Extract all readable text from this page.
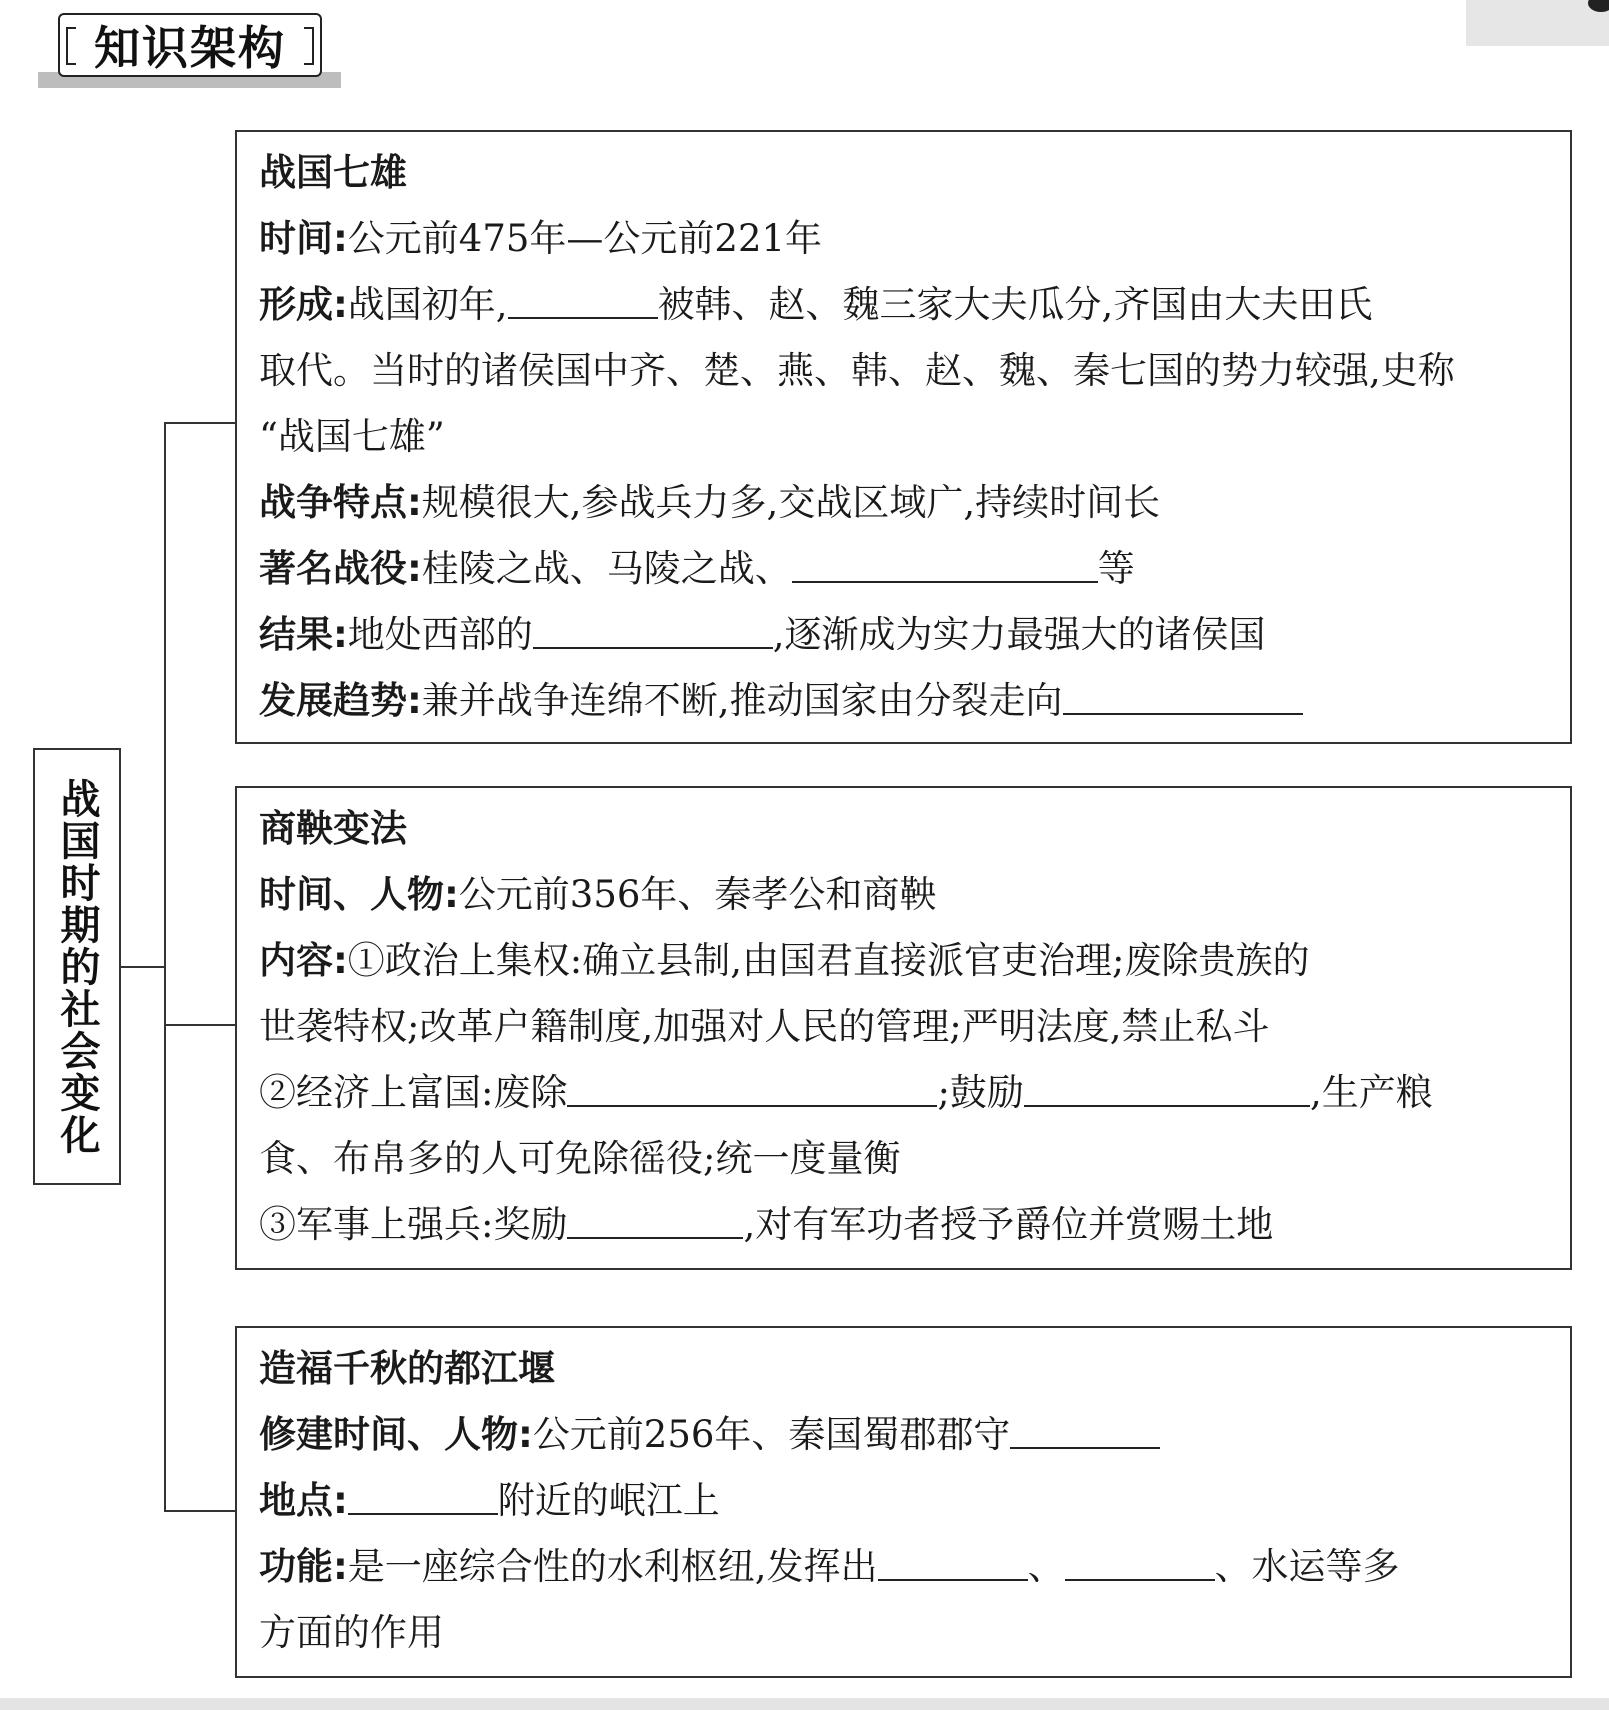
知识架构
战国时期的社会变化
战国七雄
时间:公元前475年—公元前221年
形成:战国初年,	被韩、赵、魏三家大夫瓜分,齐国由大夫田氏
取代。当时的诸侯国中齐、楚、燕、韩、赵、魏、秦七国的势力较强,史称
“战国七雄”
战争特点:规模很大,参战兵力多,交战区域广,持续时间长
著名战役:桂陵之战、马陵之战、	等
结果:地处西部的	,逐渐成为实力最强大的诸侯国
发展趋势:兼并战争连绵不断,推动国家由分裂走向
商鞅变法
时间、人物:公元前356年、秦孝公和商鞅
内容:①政治上集权:确立县制,由国君直接派官吏治理;废除贵族的
世袭特权;改革户籍制度,加强对人民的管理;严明法度,禁止私斗
②经济上富国:废除	;鼓励	,生产粮
食、布帛多的人可免除徭役;统一度量衡
③军事上强兵:奖励	,对有军功者授予爵位并赏赐土地
造福千秋的都江堰
修建时间、人物:公元前256年、秦国蜀郡郡守
地点:	附近的岷江上
功能:是一座综合性的水利枢纽,发挥出	、	、水运等多
方面的作用
